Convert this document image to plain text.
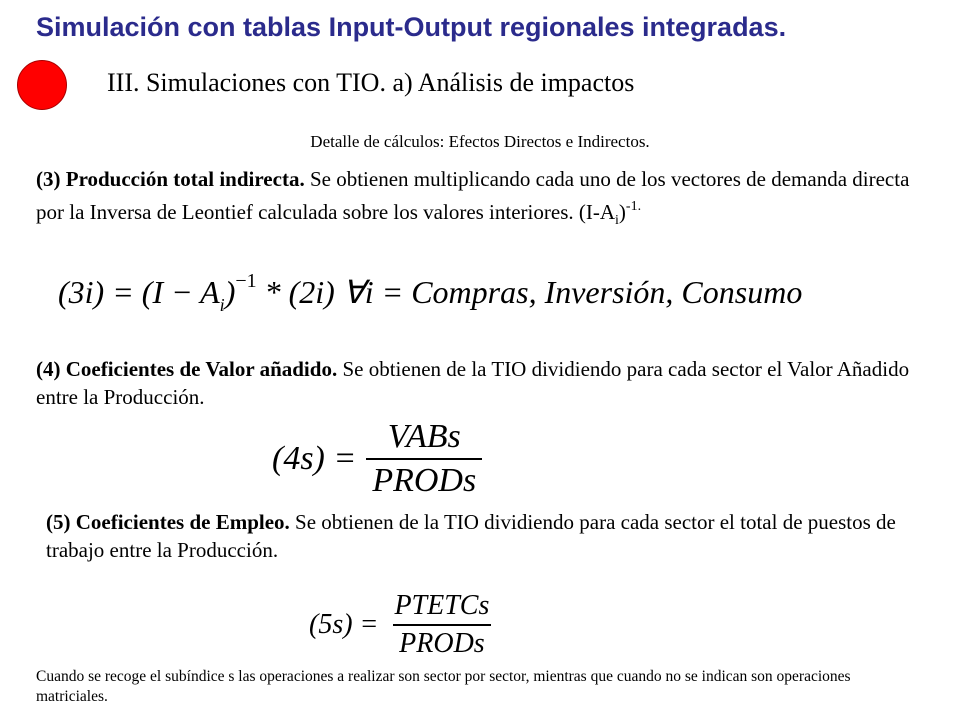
Simulación con tablas Input-Output regionales integradas.
III. Simulaciones con TIO. a) Análisis de impactos
Detalle de cálculos: Efectos Directos e Indirectos.
(3) Producción total indirecta. Se obtienen multiplicando cada uno de los vectores de demanda directa por la Inversa de Leontief calculada sobre los valores interiores. $(I-A_i)^{-1.}$
$(3i) = (I - A_i)^{-1} * (2i)$ ∀i = Compras, Inversión, Consumo
(4) Coeficientes de Valor añadido. Se obtienen de la TIO dividiendo para cada sector el Valor Añadido entre la Producción.
$(4s) = \frac{\text{VABs}}{\text{PRODs}}$
(5) Coeficientes de Empleo. Se obtienen de la TIO dividiendo para cada sector el total de puestos de trabajo entre la Producción.
$(5s) = \frac{\text{PTETCs}}{\text{PRODs}}$
Cuando se recoge el subíndice s las operaciones a realizar son sector por sector, mientras que cuando no se indican son operaciones matriciales.
